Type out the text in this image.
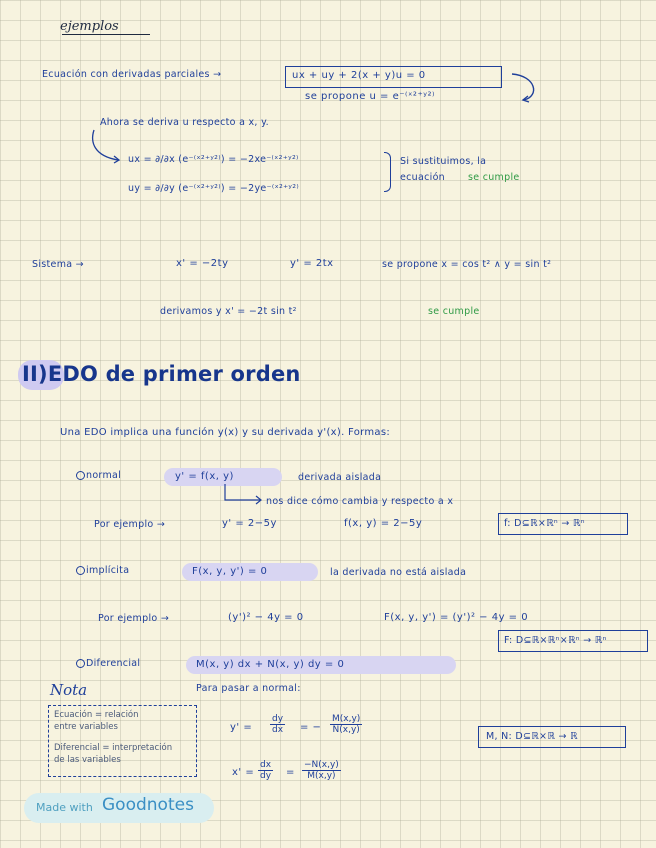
ejemplos
Ecuación con derivadas parciales →	ux + uy + 2(x + y)u = 0
se propone u = e⁻⁽ˣ²⁺ʸ²⁾
Ahora se deriva u respecto a x, y.
ux = ∂/∂x (e⁻⁽ˣ²⁺ʸ²⁾) = −2xe⁻⁽ˣ²⁺ʸ²⁾
uy = ∂/∂y (e⁻⁽ˣ²⁺ʸ²⁾) = −2ye⁻⁽ˣ²⁺ʸ²⁾
Si sustituimos, la
ecuación se cumple
Sistema →	x' = −2ty	y' = 2tx	se propone x = cos t² ∧ y = sin t²
derivamos y x' = −2t sin t²	se cumple
II)EDO de primer orden
Una EDO implica una función y(x) y su derivada y'(x). Formas:
normal	y' = f(x, y)	derivada aislada
nos dice cómo cambia y respecto a x
Por ejemplo →	y' = 2−5y	f(x, y) = 2−5y	f: D⊆ℝ×ℝⁿ → ℝⁿ
implícita	F(x, y, y') = 0	la derivada no está aislada
Por ejemplo →	(y')² − 4y = 0	F(x, y, y') = (y')² − 4y = 0
F: D⊆ℝ×ℝⁿ×ℝⁿ → ℝⁿ
Diferencial	M(x, y) dx + N(x, y) dy = 0
Para pasar a normal:
$y' = \frac{dy}{dx}$ = − $\frac{M(x,y)}{N(x,y)}$
$x' = \frac{dx}{dy} = \frac{-N(x,y)}{M(x,y)}$
M, N: D⊆ℝ×ℝ → ℝ
Nota
Ecuación = relación
entre variables
Diferencial = interpretación
de las variables
Made with Goodnotes
